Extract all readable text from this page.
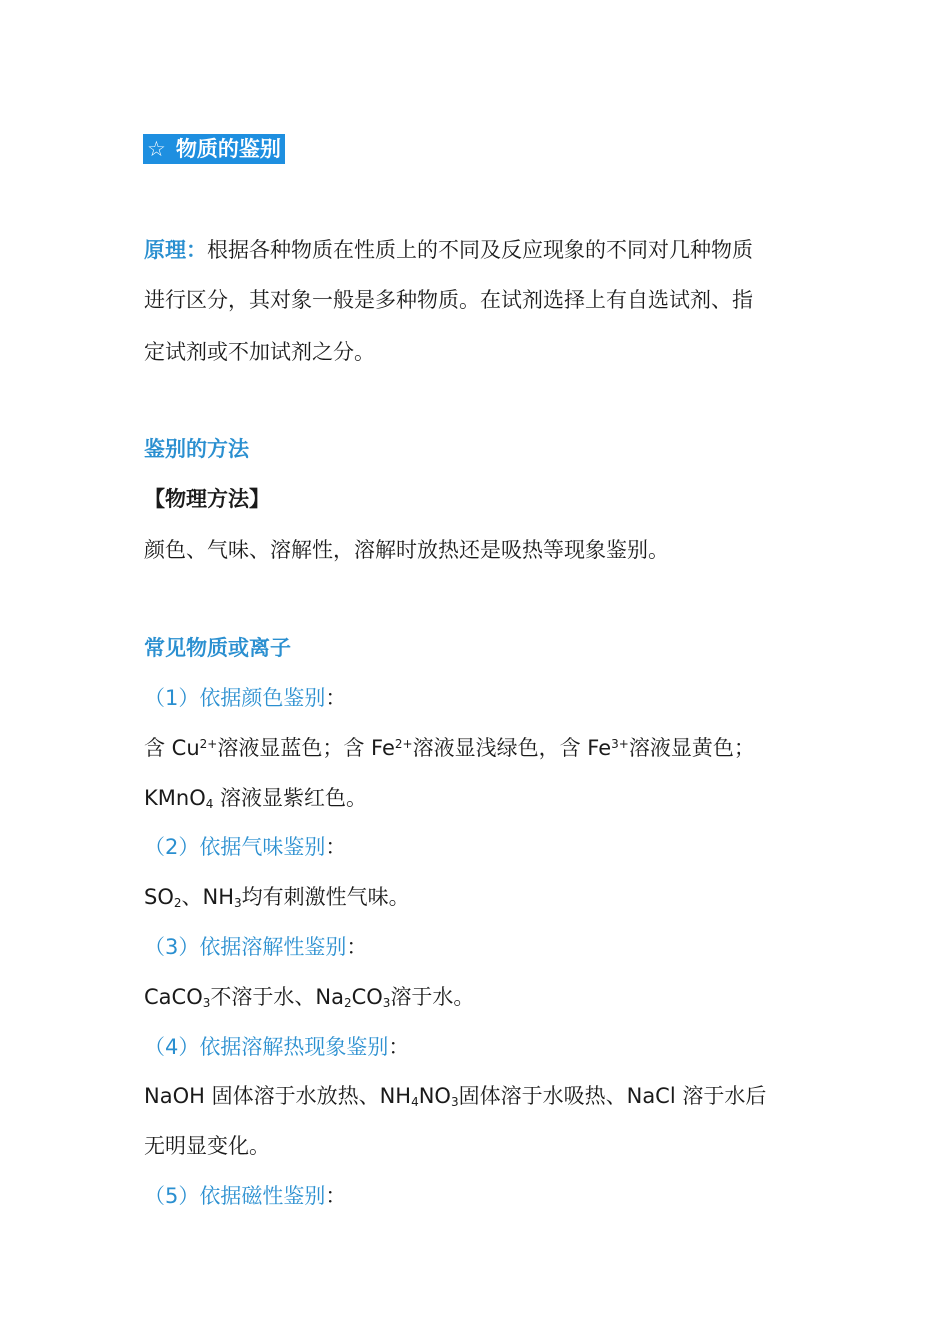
☆ 物质的鉴别
原理：根据各种物质在性质上的不同及反应现象的不同对几种物质
进行区分，其对象一般是多种物质。在试剂选择上有自选试剂、指
定试剂或不加试剂之分。
鉴别的方法
【物理方法】
颜色、气味、溶解性，溶解时放热还是吸热等现象鉴别。
常见物质或离子
（1）依据颜色鉴别：
含 $Cu^{2+}$溶液显蓝色；含 $Fe^{2+}$溶液显浅绿色，含 $Fe^{3+}$溶液显黄色；
KMnO$_4$ 溶液显紫红色。
（2）依据气味鉴别：
$SO_2$、$NH_3$均有刺激性气味。
（3）依据溶解性鉴别：
CaCO$_3$不溶于水、$Na_2CO_3$溶于水。
（4）依据溶解热现象鉴别：
NaOH 固体溶于水放热、$NH_4NO_3$固体溶于水吸热、NaCl 溶于水后
无明显变化。
（5）依据磁性鉴别：
